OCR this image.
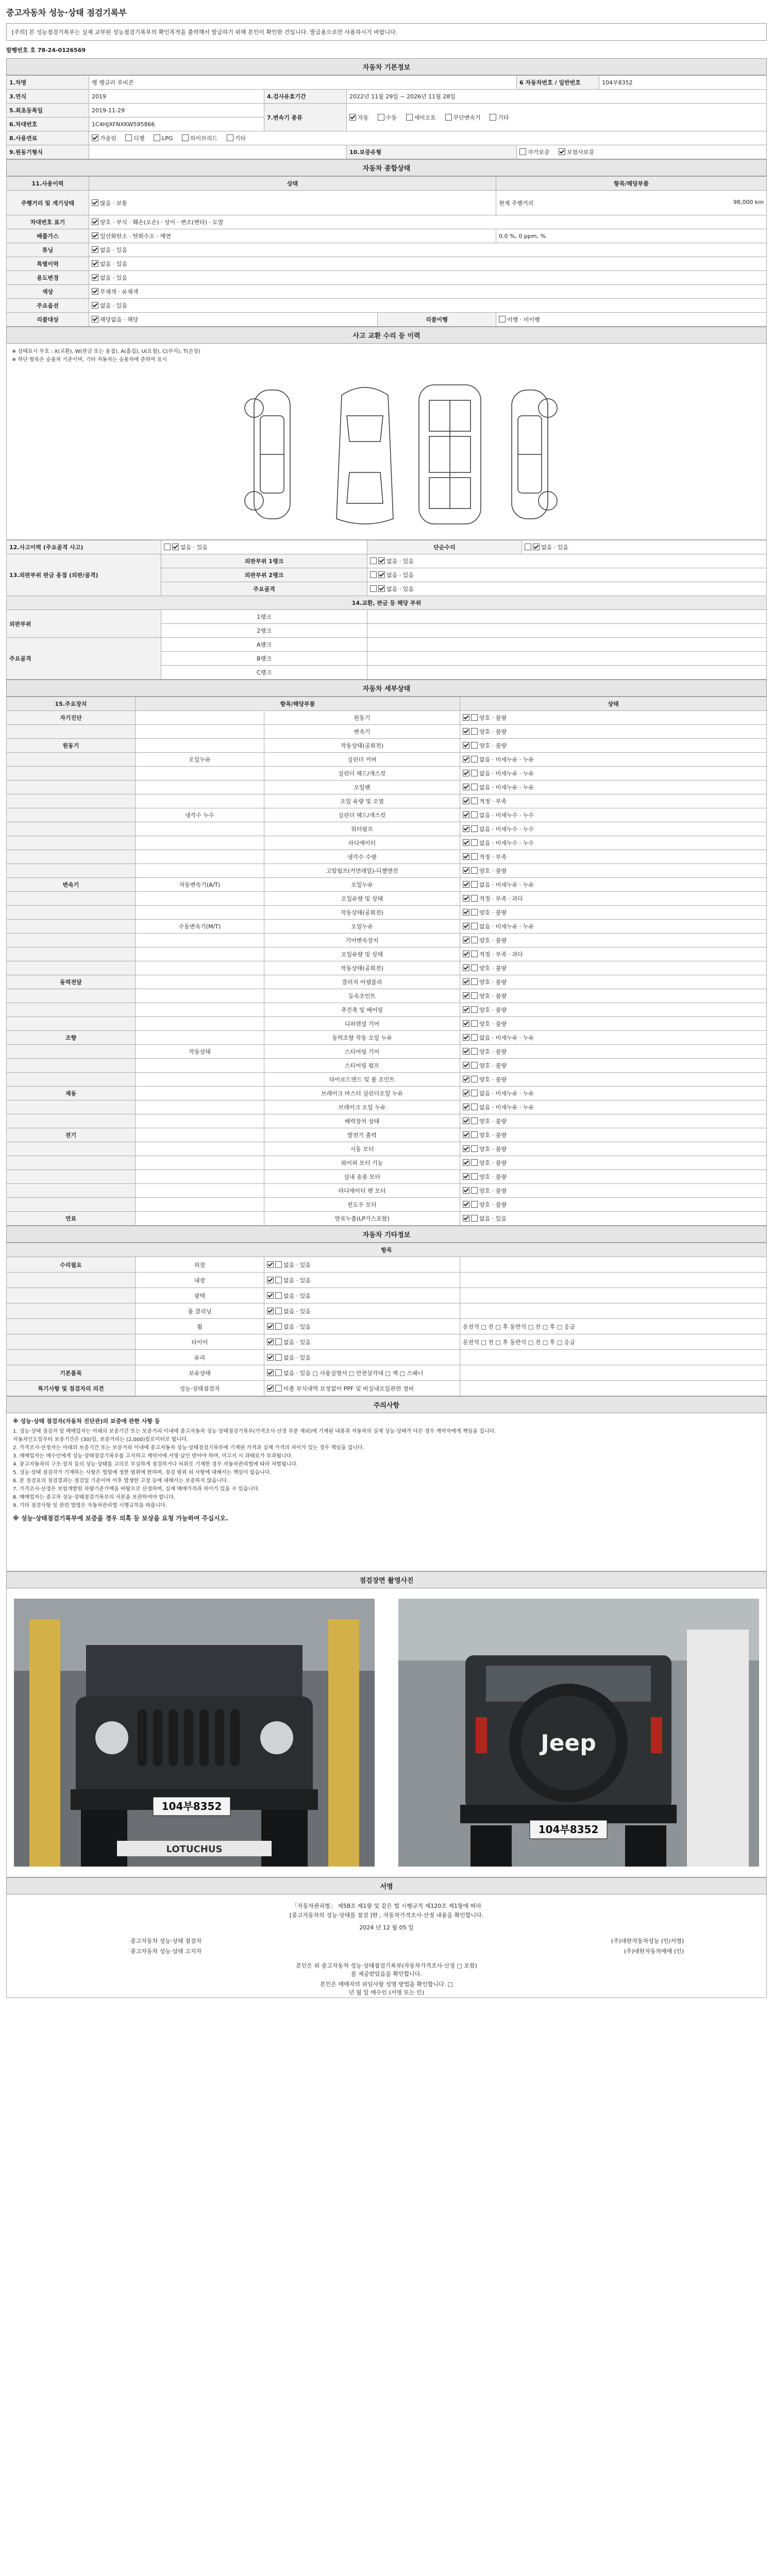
중고자동차 성능·상태 점검기록부
[주의] 본 성능점검기록부는 실제 교부된 성능점검기록부의 확인목적을 출력해서 발급하기 위해 본인이 확인한 건입니다. 발급용으로만 사용하시기 바랍니다.
발행번호 호 78-24-0126569
자동차 기본정보
1.차명	랭 랭글러 루비콘			6 자동차번호 / 일반번호	104부8352
3.연식	2019	4.검사유효기간	2022년 11월 29일 ~ 2026년 11월 28일		
5.최초등록일	2019-11-29	7.변속기 종류	자동 수동 세미오토 무단변속기 기타		
6.차대번호	1C4HJXFNXKW595866				
8.사용연료	가솔린 디젤 LPG 하이브리드 기타				
9.원동기형식			10.보증유형	자가보증 보험사보증	
자동차 종합상태
11.사용이력	상태		항목/해당부품
주행거리 및 계기상태	많음 · 보통		현재 주행거리 98,000 km

차대번호 표기	양호 · 부식 · 훼손(오손) · 상이 · 변조(변타) · 도말		
배출가스	일산화탄소 · 탄화수소 · 매연		0.0 %, 0 ppm, %
튜닝	없음 · 있음		
특별이력	없음 · 있음		
용도변경	없음 · 있음		
색상	무채색 · 유채색		
주요옵션	없음 · 있음		
리콜대상	해당없음 · 해당	리콜이행	이행 · 미이행
사고 교환 수리 등 이력
※ 상태표시 부호 : X(교환), W(판금 또는 용접), A(흠집), U(요철), C(부식), T(손상)
※ 하단 항목은 승용차 기준이며, 기타 자동차는 승용차에 준하여 표시
12.사고이력 (주요골격 사고)	없음 · 있음	단순수리	없음 · 있음
13.외판부위 판금 용접 (외판/골격)	외판부위 1랭크	없음 · 있음	
	외판부위 2랭크	없음 · 있음	
	주요골격	없음 · 있음	
14.교환, 판금 등 해당 부위			
외판부위	1랭크		
	2랭크		
주요골격	A랭크		
	B랭크		
	C랭크		
자동차 세부상태
15.주요장치	항목/해당부품		상태
자기진단		원동기	양호 · 불량
		변속기	양호 · 불량
원동기		작동상태(공회전)	양호 · 불량
	오일누유	실린더 커버	없음 · 미세누유 · 누유
		실린더 헤드/개스킷	없음 · 미세누유 · 누유
		오일팬	없음 · 미세누유 · 누유
		오일 유량 및 오염	적정 · 부족
	냉각수 누수	실린더 헤드/개스킷	없음 · 미세누수 · 누수
		워터펌프	없음 · 미세누수 · 누수
		라디에이터	없음 · 미세누수 · 누수
		냉각수 수량	적정 · 부족
		고압펌프(커먼레일)-디젤엔진	양호 · 불량
변속기	자동변속기(A/T)	오일누유	없음 · 미세누유 · 누유
		오일유량 및 상태	적정 · 부족 · 과다
		작동상태(공회전)	양호 · 불량
	수동변속기(M/T)	오일누유	없음 · 미세누유 · 누유
		기어변속장치	양호 · 불량
		오일유량 및 상태	적정 · 부족 · 과다
		작동상태(공회전)	양호 · 불량
동력전달		클러치 어셈블리	양호 · 불량
		등속조인트	양호 · 불량
		추진축 및 베어링	양호 · 불량
		디퍼렌셜 기어	양호 · 불량
조향		동력조향 작동 오일 누유	없음 · 미세누유 · 누유
	작동상태	스티어링 기어	양호 · 불량
		스티어링 펌프	양호 · 불량
		타이로드엔드 및 볼 조인트	양호 · 불량
제동		브레이크 마스터 실린더오일 누유	없음 · 미세누유 · 누유
		브레이크 오일 누유	없음 · 미세누유 · 누유
		배력장치 상태	양호 · 불량
전기		발전기 출력	양호 · 불량
		시동 모터	양호 · 불량
		와이퍼 모터 기능	양호 · 불량
		실내 송풍 모터	양호 · 불량
		라디에이터 팬 모터	양호 · 불량
		윈도우 모터	양호 · 불량
연료		연료누출(LP가스포함)	없음 · 있음
자동차 기타정보
항목			
수리필요	외장	없음 · 있음	
	내장	없음 · 있음	
	광택	없음 · 있음	
	룸 클리닝	없음 · 있음	
	휠	없음 · 있음	운전석 □ 전 □ 후 동반석 □ 전 □ 후 □ 응급
	타이어	없음 · 있음	운전석 □ 전 □ 후 동반석 □ 전 □ 후 □ 응급
	유리	없음 · 있음	
기본품목	보유상태	없음 · 있음 □ 사용설명서 □ 안전삼각대 □ 잭 □ 스패너	
특기사항 및 점검자의 의견	성능·상태점검자	미출 부식대역 보정없이 PPF 및 비실내오일관련 정비	
주의사항
※ 성능·상태 점검자(자동차 진단관)의 보증에 관한 사항 등
1. 성능·상태 점검자 및 매매업자는 아래의 보증기간 또는 보증거리 이내에 중고자동차 성능·상태점검기록부(가격조사·산정 부분 제외)에 기재된 내용과 자동차의 실제 성능·상태가 다른 경우 계약자에게 책임을 집니다.
자동차인도일부터 보증기간은 (30)일, 보증거리는 (2,000)킬로미터로 합니다.
2. 가격조사·산정자는 아래의 보증기간 또는 보증거리 이내에 중고자동차 성능·상태점검기록부에 기재된 가격과 실제 가격의 차이가 있는 경우 책임을 집니다.
3. 매매업자는 매수인에게 성능·상태점검기록부를 고지하고 계약서에 서명·날인 받아야 하며, 미고지 시 과태료가 부과됩니다.
4. 중고자동차의 구조·장치 등의 성능·상태를 고의로 부실하게 점검하거나 허위로 기재한 경우 자동차관리법에 따라 처벌됩니다.
5. 성능·상태 점검자가 기재하는 사항은 법령에 정한 범위에 한하며, 점검 범위 외 사항에 대해서는 책임이 없습니다.
6. 본 점검표의 점검결과는 점검일 기준이며 이후 발생한 고장 등에 대해서는 보증하지 않습니다.
7. 가격조사·산정은 보험개발원 차량기준가액을 바탕으로 산정하며, 실제 매매가격과 차이가 있을 수 있습니다.
8. 매매업자는 중고차 성능·상태점검기록부의 사본을 보관하여야 합니다.
9. 기타 점검사항 및 관련 법령은 자동차관리법 시행규칙을 따릅니다.
※ 성능·상태점검기록부에 보증을 경우 의혹 등 보상을 요청 가능하여 주십시오.
점검장면 촬영사진
104부8352
LOTUCHUS
Jeep
104부8352
서명
「자동차관리법」 제58조 제1항 및 같은 법 시행규칙 제120조 제1항에 따라
[중고자동차의 성능·상태를 점검 ]한 , 자동차가격조사·산정 내용을 확인합니다.
2024 년 12 월 05 일
중고자동차 성능·상태 점검자	(주)대한자동차성능 (인/서명)
중고자동차 성능·상태 고지자	(주)대한자동차매매 (인)
본인은 위 중고자동차 성능·상태점검기록부(자동차가격조사·산정 □ 포함)
를 제공받았음을 확인합니다.
본인은 매매자의 위임사항 성명 방법을 확인합니다. □
년 월 일 매수인 (서명 또는 인)
